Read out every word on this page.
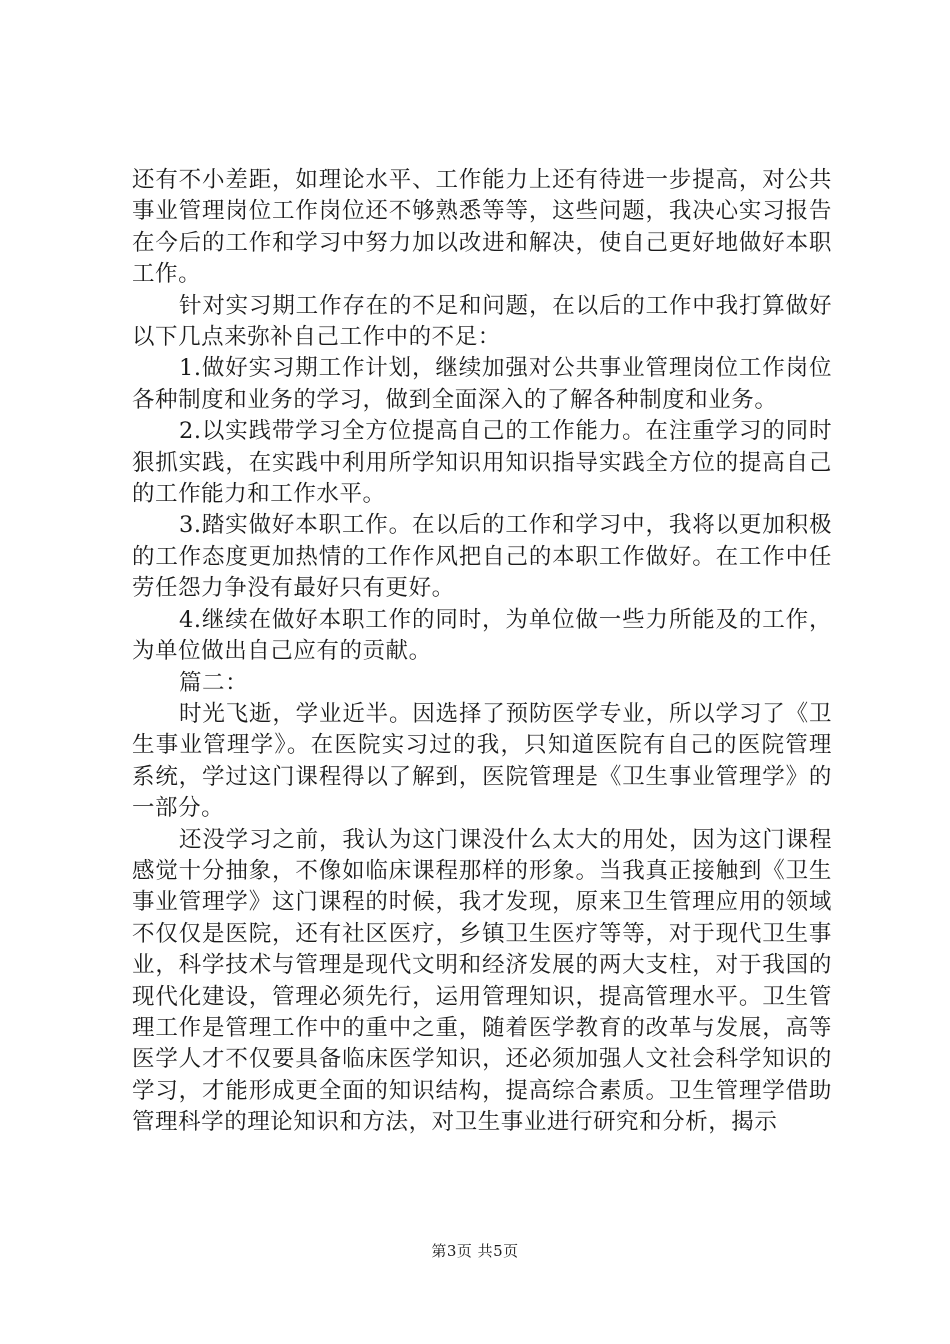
还有不小差距，如理论水平、工作能力上还有待进一步提高，对公共事业管理岗位工作岗位还不够熟悉等等，这些问题，我决心实习报告在今后的工作和学习中努力加以改进和解决，使自己更好地做好本职工作。

针对实习期工作存在的不足和问题，在以后的工作中我打算做好以下几点来弥补自己工作中的不足：

1.做好实习期工作计划，继续加强对公共事业管理岗位工作岗位各种制度和业务的学习，做到全面深入的了解各种制度和业务。

2.以实践带学习全方位提高自己的工作能力。在注重学习的同时狠抓实践，在实践中利用所学知识用知识指导实践全方位的提高自己的工作能力和工作水平。

3.踏实做好本职工作。在以后的工作和学习中，我将以更加积极的工作态度更加热情的工作作风把自己的本职工作做好。在工作中任劳任怨力争没有最好只有更好。

4.继续在做好本职工作的同时，为单位做一些力所能及的工作，为单位做出自己应有的贡献。

篇二：

时光飞逝，学业近半。因选择了预防医学专业，所以学习了《卫生事业管理学》。在医院实习过的我，只知道医院有自己的医院管理系统，学过这门课程得以了解到，医院管理是《卫生事业管理学》的一部分。

还没学习之前，我认为这门课没什么太大的用处，因为这门课程感觉十分抽象，不像如临床课程那样的形象。当我真正接触到《卫生事业管理学》这门课程的时候，我才发现，原来卫生管理应用的领域不仅仅是医院，还有社区医疗，乡镇卫生医疗等等，对于现代卫生事业，科学技术与管理是现代文明和经济发展的两大支柱，对于我国的现代化建设，管理必须先行，运用管理知识，提高管理水平。卫生管理工作是管理工作中的重中之重，随着医学教育的改革与发展，高等医学人才不仅要具备临床医学知识，还必须加强人文社会科学知识的学习，才能形成更全面的知识结构，提高综合素质。卫生管理学借助管理科学的理论知识和方法，对卫生事业进行研究和分析，揭示

第3页 共5页
